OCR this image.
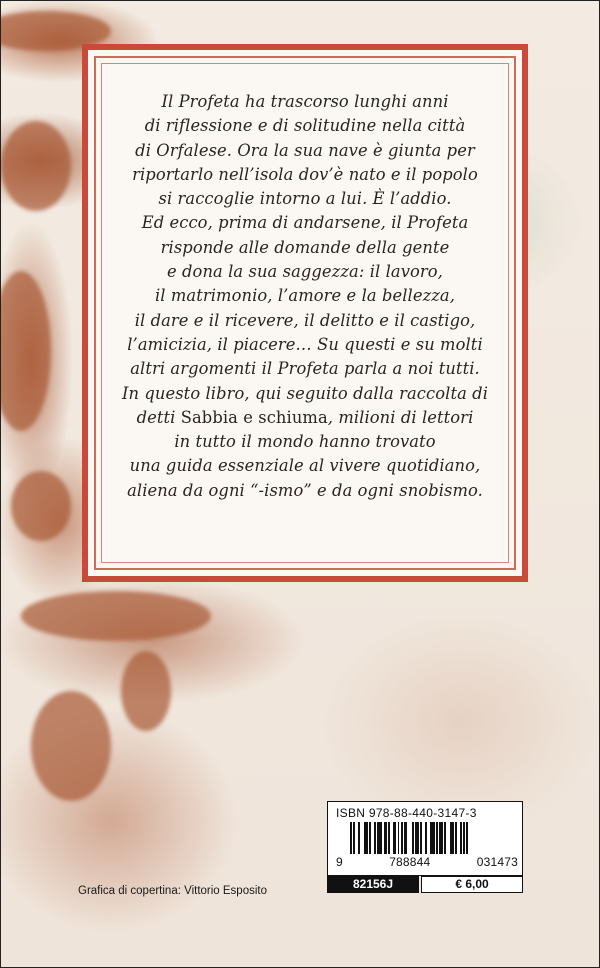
Il Profeta ha trascorso lunghi anni
di riflessione e di solitudine nella città
di Orfalese. Ora la sua nave è giunta per
riportarlo nell’isola dov’è nato e il popolo
si raccoglie intorno a lui. È l’addio.
Ed ecco, prima di andarsene, il Profeta
risponde alle domande della gente
e dona la sua saggezza: il lavoro,
il matrimonio, l’amore e la bellezza,
il dare e il ricevere, il delitto e il castigo,
l’amicizia, il piacere… Su questi e su molti
altri argomenti il Profeta parla a noi tutti.
In questo libro, qui seguito dalla raccolta di
detti Sabbia e schiuma, milioni di lettori
in tutto il mondo hanno trovato
una guida essenziale al vivere quotidiano,
aliena da ogni “-ismo” e da ogni snobismo.
ISBN 978-88-440-3147-3
9	788844	031473
82156J	€ 6,00
Grafica di copertina: Vittorio Esposito
